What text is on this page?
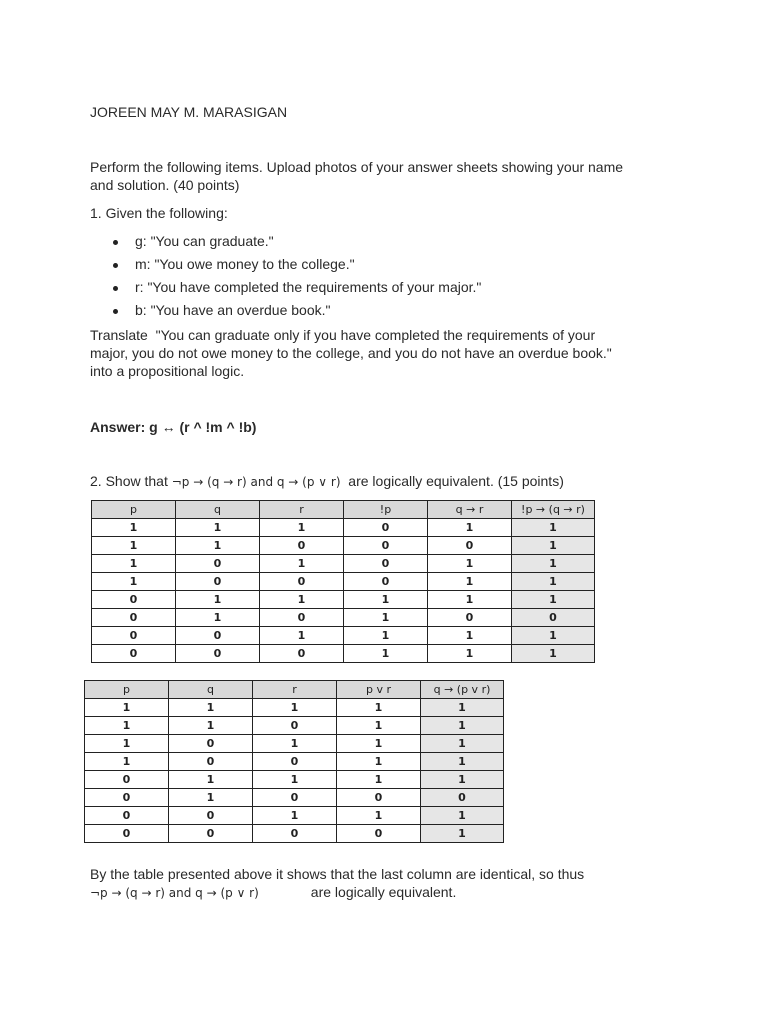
JOREEN MAY M. MARASIGAN
Perform the following items. Upload photos of your answer sheets showing your name
and solution. (40 points)
1. Given the following:
g: "You can graduate."
m: "You owe money to the college."
r: "You have completed the requirements of your major."
b: "You have an overdue book."
Translate  "You can graduate only if you have completed the requirements of your
major, you do not owe money to the college, and you do not have an overdue book."
into a propositional logic.
Answer: g ↔ (r ^ !m ^ !b)
2. Show that ¬p → (q → r) and q → (p ∨ r) are logically equivalent. (15 points)
p	q	r	!p	q → r	!p → (q → r)
1	1	1	0	1	1
1	1	0	0	0	1
1	0	1	0	1	1
1	0	0	0	1	1
0	1	1	1	1	1
0	1	0	1	0	0
0	0	1	1	1	1
0	0	0	1	1	1
p	q	r	p v r	q → (p v r)
1	1	1	1	1
1	1	0	1	1
1	0	1	1	1
1	0	0	1	1
0	1	1	1	1
0	1	0	0	0
0	0	1	1	1
0	0	0	0	1
By the table presented above it shows that the last column are identical, so thus
¬p → (q → r) and q → (p ∨ r)	are logically equivalent.
